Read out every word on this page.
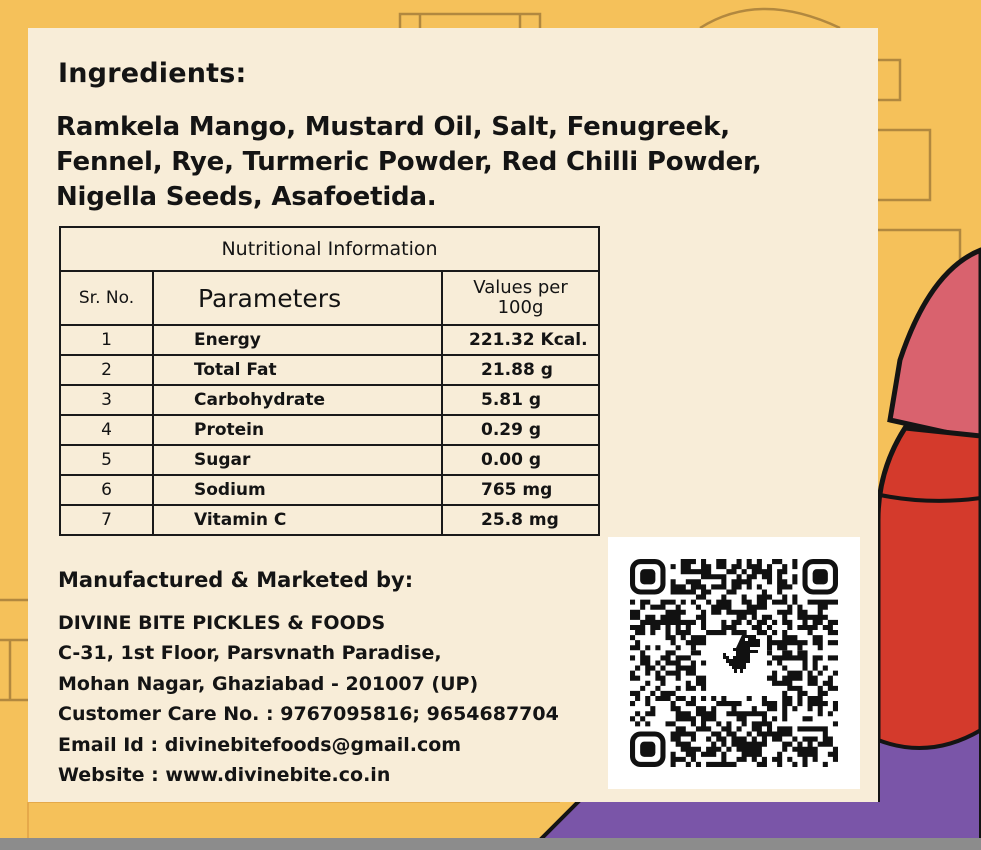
Ingredients:
Ramkela Mango, Mustard Oil, Salt, Fenugreek,
Fennel, Rye, Turmeric Powder, Red Chilli Powder,
Nigella Seeds, Asafoetida.
Nutritional Information		
Sr. No.	Parameters	Values per
100g
1	Energy	221.32 Kcal.
2	Total Fat	21.88 g
3	Carbohydrate	5.81 g
4	Protein	0.29 g
5	Sugar	0.00 g
6	Sodium	765 mg
7	Vitamin C	25.8 mg
Manufactured & Marketed by:
DIVINE BITE PICKLES & FOODS
C-31, 1st Floor, Parsvnath Paradise,
Mohan Nagar, Ghaziabad - 201007 (UP)
Customer Care No. : 9767095816; 9654687704
Email Id : divinebitefoods@gmail.com
Website : www.divinebite.co.in
